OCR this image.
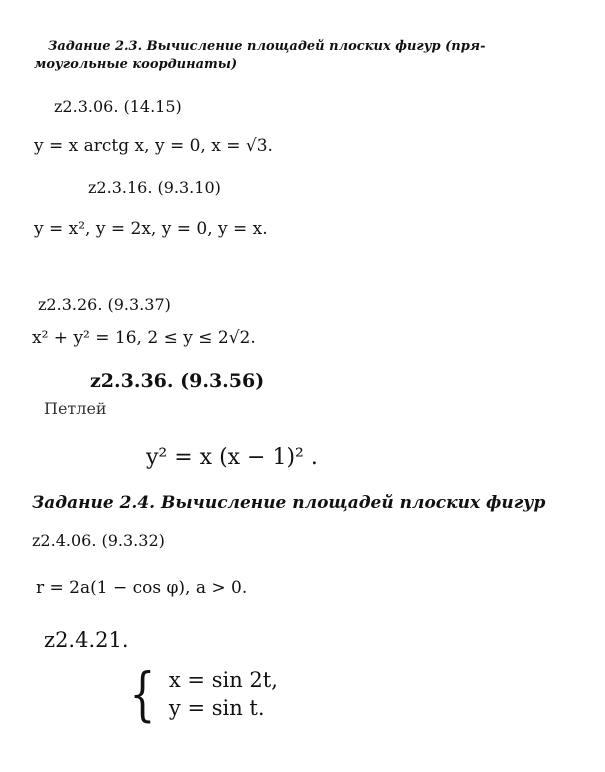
Задание 2.3. Вычисление площадей плоских фигур (пря-
моугольные координаты)
z2.3.06. (14.15)
y = x arctg x, y = 0, x = √3.
z2.3.16. (9.3.10)
y = x², y = 2x, y = 0, y = x.
z2.3.26. (9.3.37)
x² + y² = 16, 2 ≤ y ≤ 2√2.
z2.3.36. (9.3.56)
Петлей
y² = x (x − 1)² .
Задание 2.4. Вычисление площадей плоских фигур
z2.4.06. (9.3.32)
r = 2a(1 − cos φ), a > 0.
z2.4.21.
{ x = sin 2t,
y = sin t.
